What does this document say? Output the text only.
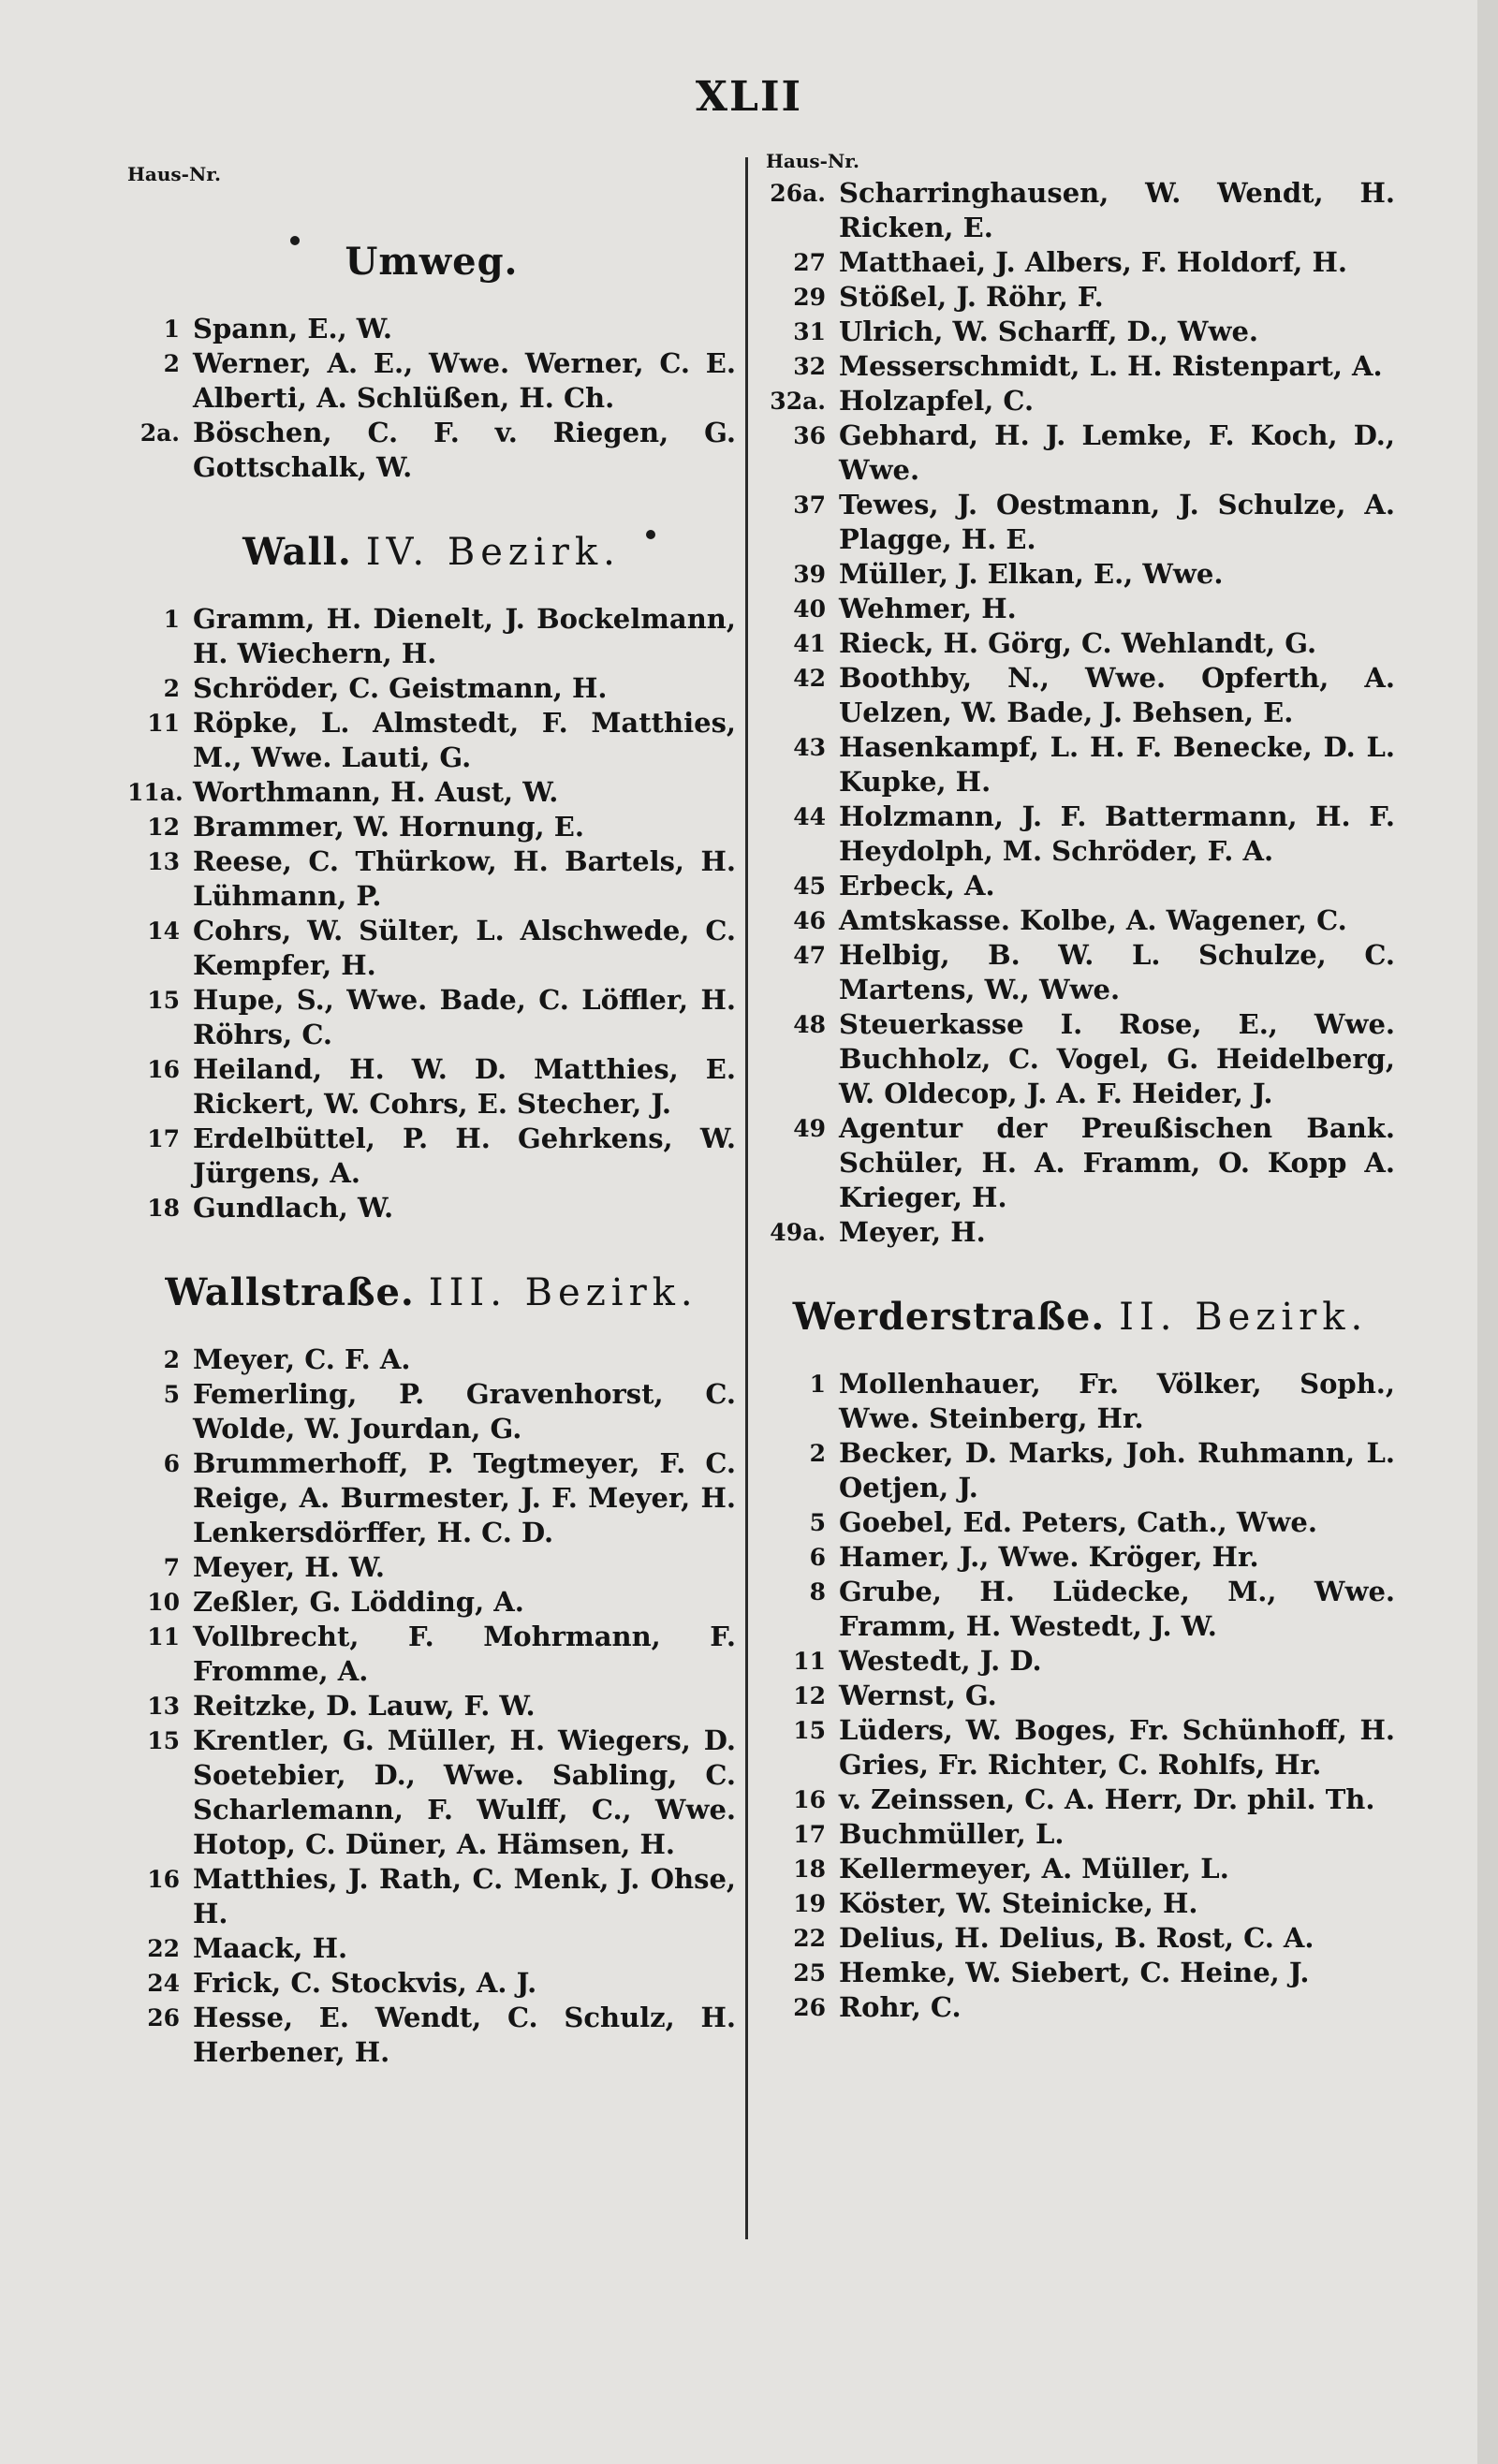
XLII
Haus-Nr.
Umweg.
1 Spann, E., W.
2 Werner, A. E., Wwe. Werner, C. E. Alberti, A. Schlüßen, H. Ch.
2a. Böschen, C. F. v. Riegen, G. Gottschalk, W.
Wall. IV. Bezirk.
1 Gramm, H. Dienelt, J. Bockelmann, H. Wiechern, H.
2 Schröder, C. Geistmann, H.
11 Röpke, L. Almstedt, F. Matthies, M., Wwe. Lauti, G.
11a. Worthmann, H. Aust, W.
12 Brammer, W. Hornung, E.
13 Reese, C. Thürkow, H. Bartels, H. Lühmann, P.
14 Cohrs, W. Sülter, L. Alschwede, C. Kempfer, H.
15 Hupe, S., Wwe. Bade, C. Löffler, H. Röhrs, C.
16 Heiland, H. W. D. Matthies, E. Rickert, W. Cohrs, E. Stecher, J.
17 Erdelbüttel, P. H. Gehrkens, W. Jürgens, A.
18 Gundlach, W.
Wallstraße. III. Bezirk.
2 Meyer, C. F. A.
5 Femerling, P. Gravenhorst, C. Wolde, W. Jourdan, G.
6 Brummerhoff, P. Tegtmeyer, F. C. Reige, A. Burmester, J. F. Meyer, H. Lenkersdörffer, H. C. D.
7 Meyer, H. W.
10 Zeßler, G. Lödding, A.
11 Vollbrecht, F. Mohrmann, F. Fromme, A.
13 Reitzke, D. Lauw, F. W.
15 Krentler, G. Müller, H. Wiegers, D. Soetebier, D., Wwe. Sabling, C. Scharlemann, F. Wulff, C., Wwe. Hotop, C. Düner, A. Hämsen, H.
16 Matthies, J. Rath, C. Menk, J. Ohse, H.
22 Maack, H.
24 Frick, C. Stockvis, A. J.
26 Hesse, E. Wendt, C. Schulz, H. Herbener, H.
Haus-Nr.
26a. Scharringhausen, W. Wendt, H. Ricken, E.
27 Matthaei, J. Albers, F. Holdorf, H.
29 Stößel, J. Röhr, F.
31 Ulrich, W. Scharff, D., Wwe.
32 Messerschmidt, L. H. Ristenpart, A.
32a. Holzapfel, C.
36 Gebhard, H. J. Lemke, F. Koch, D., Wwe.
37 Tewes, J. Oestmann, J. Schulze, A. Plagge, H. E.
39 Müller, J. Elkan, E., Wwe.
40 Wehmer, H.
41 Rieck, H. Görg, C. Wehlandt, G.
42 Boothby, N., Wwe. Opferth, A. Uelzen, W. Bade, J. Behsen, E.
43 Hasenkampf, L. H. F. Benecke, D. L. Kupke, H.
44 Holzmann, J. F. Battermann, H. F. Heydolph, M. Schröder, F. A.
45 Erbeck, A.
46 Amtskasse. Kolbe, A. Wagener, C.
47 Helbig, B. W. L. Schulze, C. Martens, W., Wwe.
48 Steuerkasse I. Rose, E., Wwe. Buchholz, C. Vogel, G. Heidelberg, W. Oldecop, J. A. F. Heider, J.
49 Agentur der Preußischen Bank. Schüler, H. A. Framm, O. Kopp A. Krieger, H.
49a. Meyer, H.
Werderstraße. II. Bezirk.
1 Mollenhauer, Fr. Völker, Soph., Wwe. Steinberg, Hr.
2 Becker, D. Marks, Joh. Ruhmann, L. Oetjen, J.
5 Goebel, Ed. Peters, Cath., Wwe.
6 Hamer, J., Wwe. Kröger, Hr.
8 Grube, H. Lüdecke, M., Wwe. Framm, H. Westedt, J. W.
11 Westedt, J. D.
12 Wernst, G.
15 Lüders, W. Boges, Fr. Schünhoff, H. Gries, Fr. Richter, C. Rohlfs, Hr.
16 v. Zeinssen, C. A. Herr, Dr. phil. Th.
17 Buchmüller, L.
18 Kellermeyer, A. Müller, L.
19 Köster, W. Steinicke, H.
22 Delius, H. Delius, B. Rost, C. A.
25 Hemke, W. Siebert, C. Heine, J.
26 Rohr, C.
